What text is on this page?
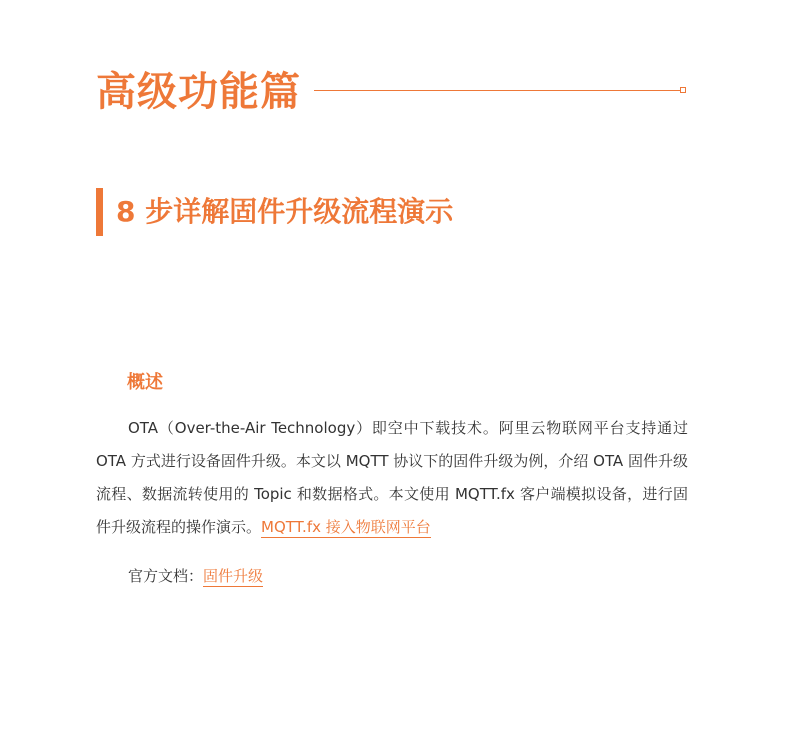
高级功能篇
8 步详解固件升级流程演示
概述

OTA（Over-the-Air Technology）即空中下载技术。阿里云物联网平台支持通过 OTA 方式进行设备固件升级。本文以 MQTT 协议下的固件升级为例，介绍 OTA 固件升级流程、数据流转使用的 Topic 和数据格式。本文使用 MQTT.fx 客户端模拟设备，进行固件升级流程的操作演示。MQTT.fx 接入物联网平台

官方文档：固件升级
